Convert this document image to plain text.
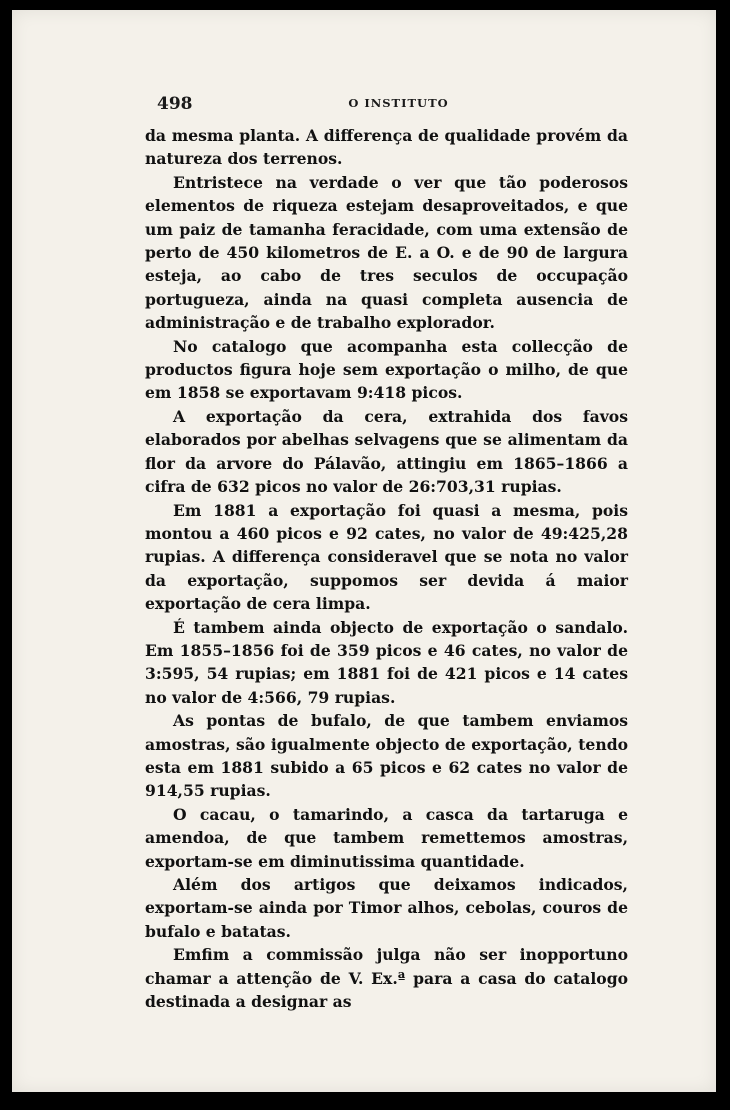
498	O INSTITUTO

da mesma planta. A differença de qualidade provém da natureza dos terrenos.

Entristece na verdade o ver que tão poderosos elementos de riqueza estejam desaproveitados, e que um paiz de tamanha feracidade, com uma extensão de perto de 450 kilometros de E. a O. e de 90 de largura esteja, ao cabo de tres seculos de occupação portugueza, ainda na quasi completa ausencia de administração e de trabalho explorador.

No catalogo que acompanha esta collecção de productos figura hoje sem exportação o milho, de que em 1858 se exportavam 9:418 picos.

A exportação da cera, extrahida dos favos elaborados por abelhas selvagens que se alimentam da flor da arvore do Pálavão, attingiu em 1865–1866 a cifra de 632 picos no valor de 26:703,31 rupias.

Em 1881 a exportação foi quasi a mesma, pois montou a 460 picos e 92 cates, no valor de 49:425,28 rupias. A differença consideravel que se nota no valor da exportação, suppomos ser devida á maior exportação de cera limpa.

É tambem ainda objecto de exportação o sandalo. Em 1855–1856 foi de 359 picos e 46 cates, no valor de 3:595, 54 rupias; em 1881 foi de 421 picos e 14 cates no valor de 4:566, 79 rupias.

As pontas de bufalo, de que tambem enviamos amostras, são igualmente objecto de exportação, tendo esta em 1881 subido a 65 picos e 62 cates no valor de 914,55 rupias.

O cacau, o tamarindo, a casca da tartaruga e amendoa, de que tambem remettemos amostras, exportam-se em diminutissima quantidade.

Além dos artigos que deixamos indicados, exportam-se ainda por Timor alhos, cebolas, couros de bufalo e batatas.

Emfim a commissão julga não ser inopportuno chamar a attenção de V. Ex.ª para a casa do catalogo destinada a designar as
